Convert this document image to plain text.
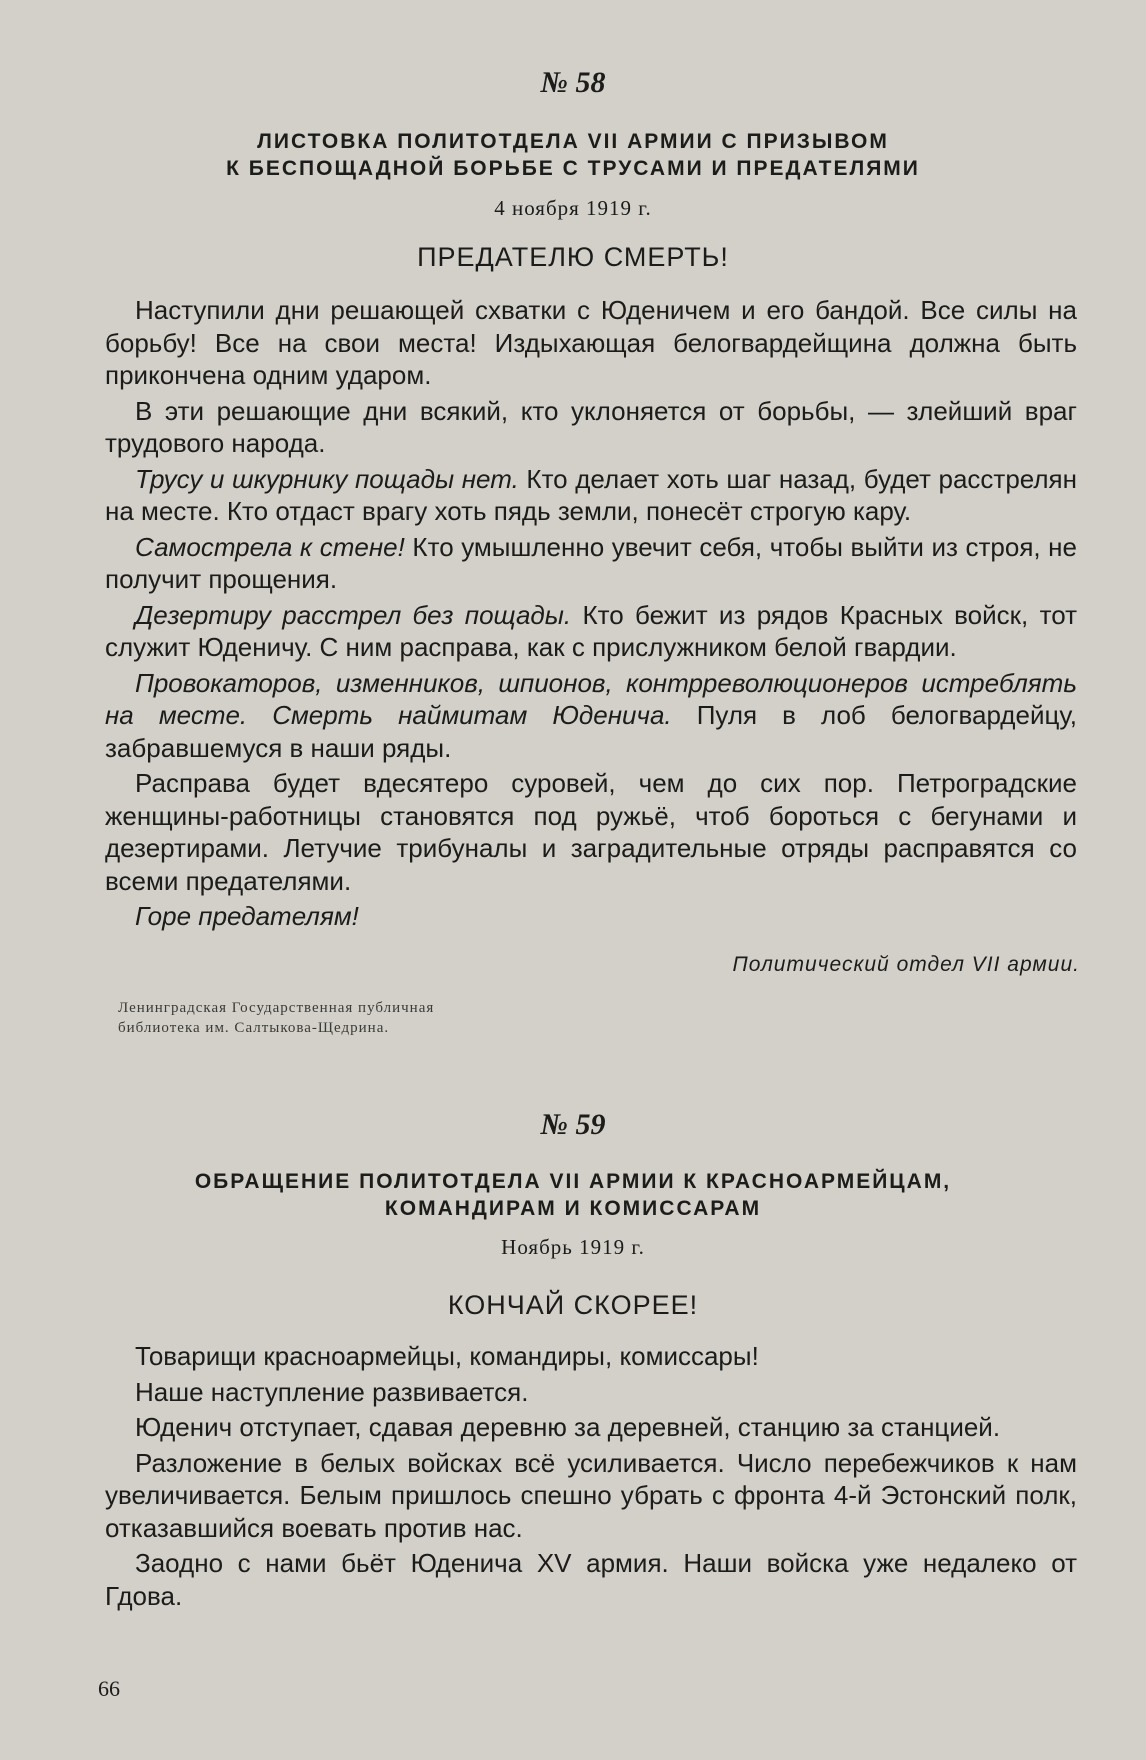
№ 58
ЛИСТОВКА ПОЛИТОТДЕЛА VII АРМИИ С ПРИЗЫВОМ
К БЕСПОЩАДНОЙ БОРЬБЕ С ТРУСАМИ И ПРЕДАТЕЛЯМИ
4 ноября 1919 г.
ПРЕДАТЕЛЮ СМЕРТЬ!

Наступили дни решающей схватки с Юденичем и его бандой. Все силы на борьбу! Все на свои места! Издыхающая белогвардейщина должна быть прикончена одним ударом.

В эти решающие дни всякий, кто уклоняется от борьбы, — злейший враг трудового народа.

Трусу и шкурнику пощады нет. Кто делает хоть шаг назад, будет расстрелян на месте. Кто отдаст врагу хоть пядь земли, понесёт строгую кару.

Самострела к стене! Кто умышленно увечит себя, чтобы выйти из строя, не получит прощения.

Дезертиру расстрел без пощады. Кто бежит из рядов Красных войск, тот служит Юденичу. С ним расправа, как с прислужником белой гвардии.

Провокаторов, изменников, шпионов, контрреволюционеров истреблять на месте. Смерть наймитам Юденича. Пуля в лоб белогвардейцу, забравшемуся в наши ряды.

Расправа будет вдесятеро суровей, чем до сих пор. Петроградские женщины-работницы становятся под ружьё, чтоб бороться с бегунами и дезертирами. Летучие трибуналы и заградительные отряды расправятся со всеми предателями.

Горе предателям!

Политический отдел VII армии.
Ленинградская Государственная публичная
библиотека им. Салтыкова-Щедрина.
№ 59
ОБРАЩЕНИЕ ПОЛИТОТДЕЛА VII АРМИИ К КРАСНОАРМЕЙЦАМ,
КОМАНДИРАМ И КОМИССАРАМ
Ноябрь 1919 г.
КОНЧАЙ СКОРЕЕ!

Товарищи красноармейцы, командиры, комиссары!

Наше наступление развивается.

Юденич отступает, сдавая деревню за деревней, станцию за станцией.

Разложение в белых войсках всё усиливается. Число перебежчиков к нам увеличивается. Белым пришлось спешно убрать с фронта 4-й Эстонский полк, отказавшийся воевать против нас.

Заодно с нами бьёт Юденича XV армия. Наши войска уже недалеко от Гдова.

66
